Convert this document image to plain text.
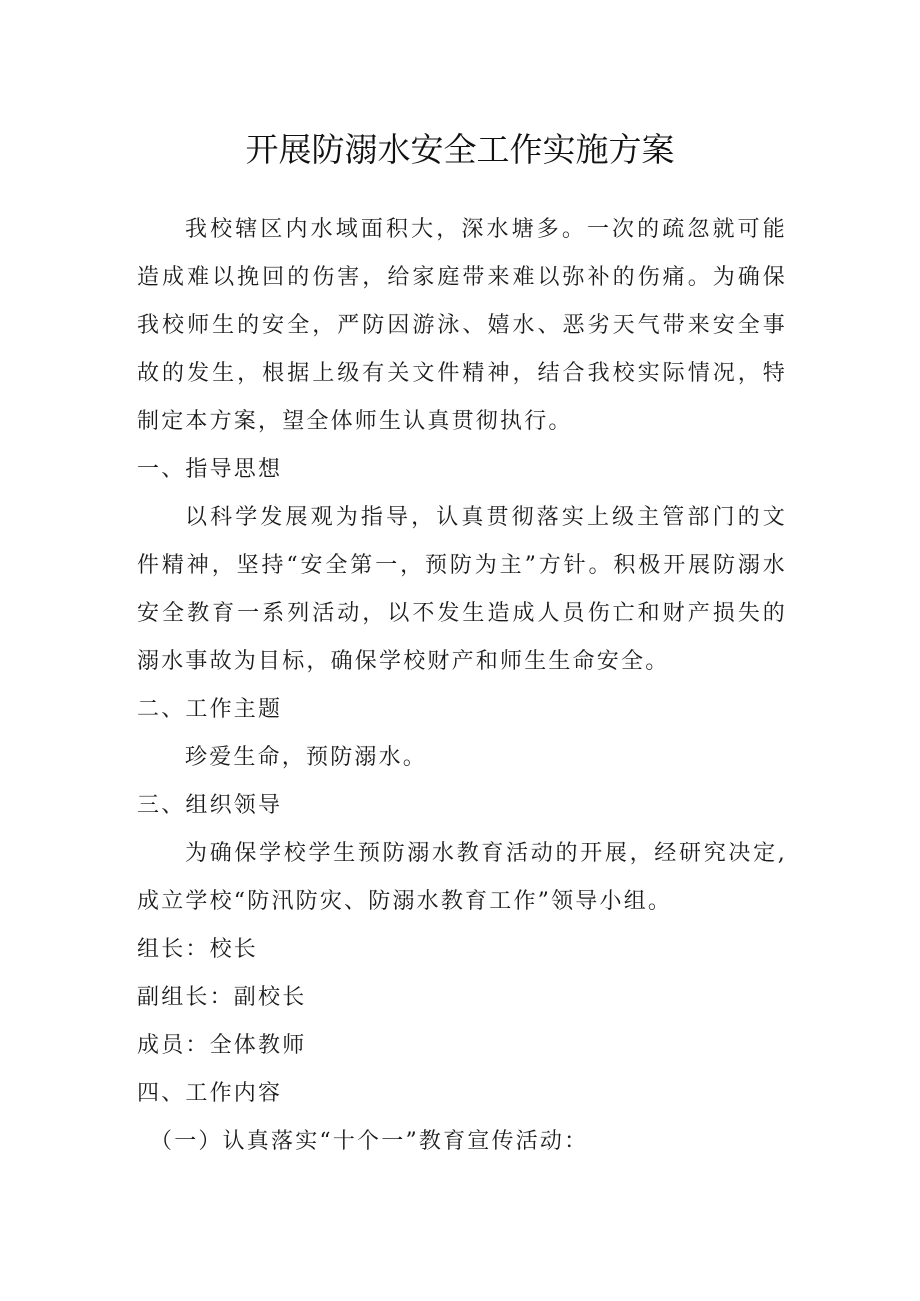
开展防溺水安全工作实施方案

我校辖区内水域面积大，深水塘多。一次的疏忽就可能造成难以挽回的伤害，给家庭带来难以弥补的伤痛。为确保我校师生的安全，严防因游泳、嬉水、恶劣天气带来安全事故的发生，根据上级有关文件精神，结合我校实际情况，特制定本方案，望全体师生认真贯彻执行。

一、指导思想

以科学发展观为指导，认真贯彻落实上级主管部门的文件精神，坚持“安全第一，预防为主”方针。积极开展防溺水安全教育一系列活动，以不发生造成人员伤亡和财产损失的溺水事故为目标，确保学校财产和师生生命安全。

二、工作主题

珍爱生命，预防溺水。

三、组织领导

为确保学校学生预防溺水教育活动的开展，经研究决定,成立学校“防汛防灾、防溺水教育工作”领导小组。

组长：校长

副组长：副校长

成员：全体教师

四、工作内容

（一）认真落实“十个一”教育宣传活动：
